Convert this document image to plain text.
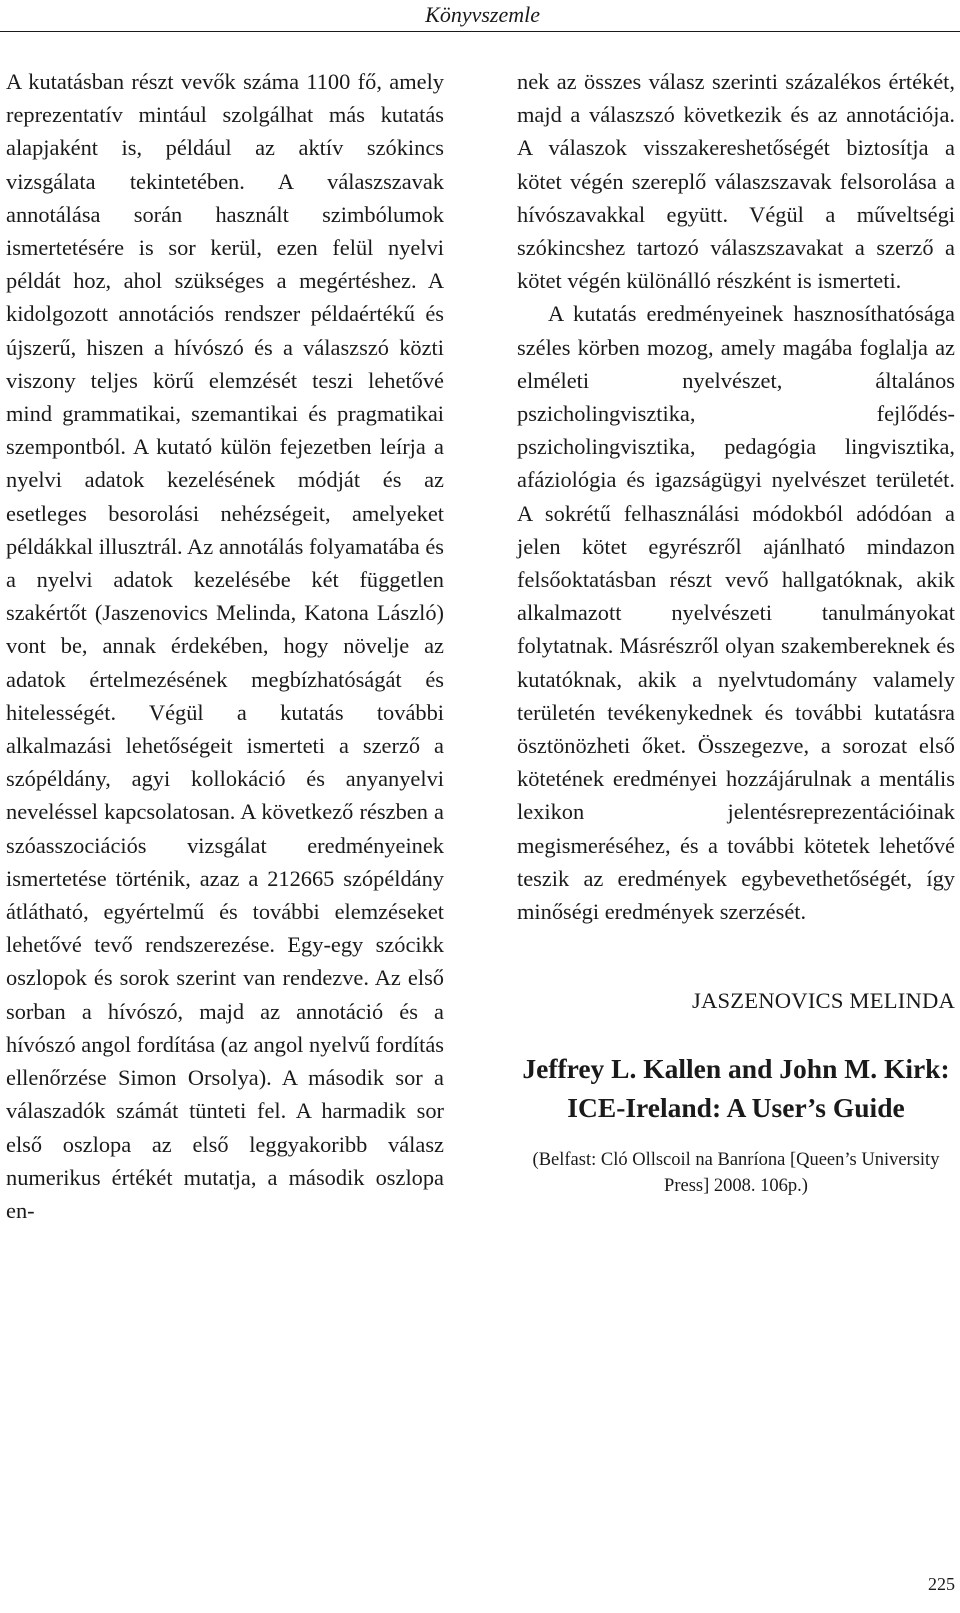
Könyvszemle

A kutatásban részt vevők száma 1100 fő, amely reprezentatív mintául szolgálhat más kutatás alapjaként is, például az aktív szókincs vizsgálata tekintetében. A válaszszavak annotálása során használt szimbólumok ismertetésére is sor kerül, ezen felül nyelvi példát hoz, ahol szükséges a megértéshez. A kidolgozott annotációs rendszer példaértékű és újszerű, hiszen a hívószó és a válaszszó közti viszony teljes körű elemzését teszi lehetővé mind grammatikai, szemantikai és pragmatikai szempontból. A kutató külön fejezetben leírja a nyelvi adatok kezelésének módját és az esetleges besorolási nehézségeit, amelyeket példákkal illusztrál. Az annotálás folyamatába és a nyelvi adatok kezelésébe két független szakértőt (Jaszenovics Melinda, Katona László) vont be, annak érdekében, hogy növelje az adatok értelmezésének megbízhatóságát és hitelességét. Végül a kutatás további alkalmazási lehetőségeit ismerteti a szerző a szópéldány, agyi kollokáció és anyanyelvi neveléssel kapcsolatosan. A következő részben a szóasszociációs vizsgálat eredményeinek ismertetése történik, azaz a 212665 szópéldány átlátható, egyértelmű és további elemzéseket lehetővé tevő rendszerezése. Egy-egy szócikk oszlopok és sorok szerint van rendezve. Az első sorban a hívószó, majd az annotáció és a hívószó angol fordítása (az angol nyelvű fordítás ellenőrzése Simon Orsolya). A második sor a válaszadók számát tünteti fel. A harmadik sor első oszlopa az első leggyakoribb válasz numerikus értékét mutatja, a második oszlopa en-

nek az összes válasz szerinti százalékos értékét, majd a válaszszó következik és az annotációja. A válaszok visszakereshetőségét biztosítja a kötet végén szereplő válaszszavak felsorolása a hívószavakkal együtt. Végül a műveltségi szókincshez tartozó válaszszavakat a szerző a kötet végén különálló részként is ismerteti.

A kutatás eredményeinek hasznosíthatósága széles körben mozog, amely magába foglalja az elméleti nyelvészet, általános pszicholingvisztika, fejlődés-pszicholingvisztika, pedagógia lingvisztika, afáziológia és igazságügyi nyelvészet területét. A sokrétű felhasználási módokból adódóan a jelen kötet egyrészről ajánlható mindazon felsőoktatásban részt vevő hallgatóknak, akik alkalmazott nyelvészeti tanulmányokat folytatnak. Másrészről olyan szakembereknek és kutatóknak, akik a nyelvtudomány valamely területén tevékenykednek és további kutatásra ösztönözheti őket. Összegezve, a sorozat első kötetének eredményei hozzájárulnak a mentális lexikon jelentésreprezentációinak megismeréséhez, és a további kötetek lehetővé teszik az eredmények egybevethetőségét, így minőségi eredmények szerzését.

JASZENOVICS MELINDA

Jeffrey L. Kallen and John M. Kirk: ICE-Ireland: A User’s Guide

(Belfast: Cló Ollscoil na Banríona [Queen’s University Press] 2008. 106p.)

225
